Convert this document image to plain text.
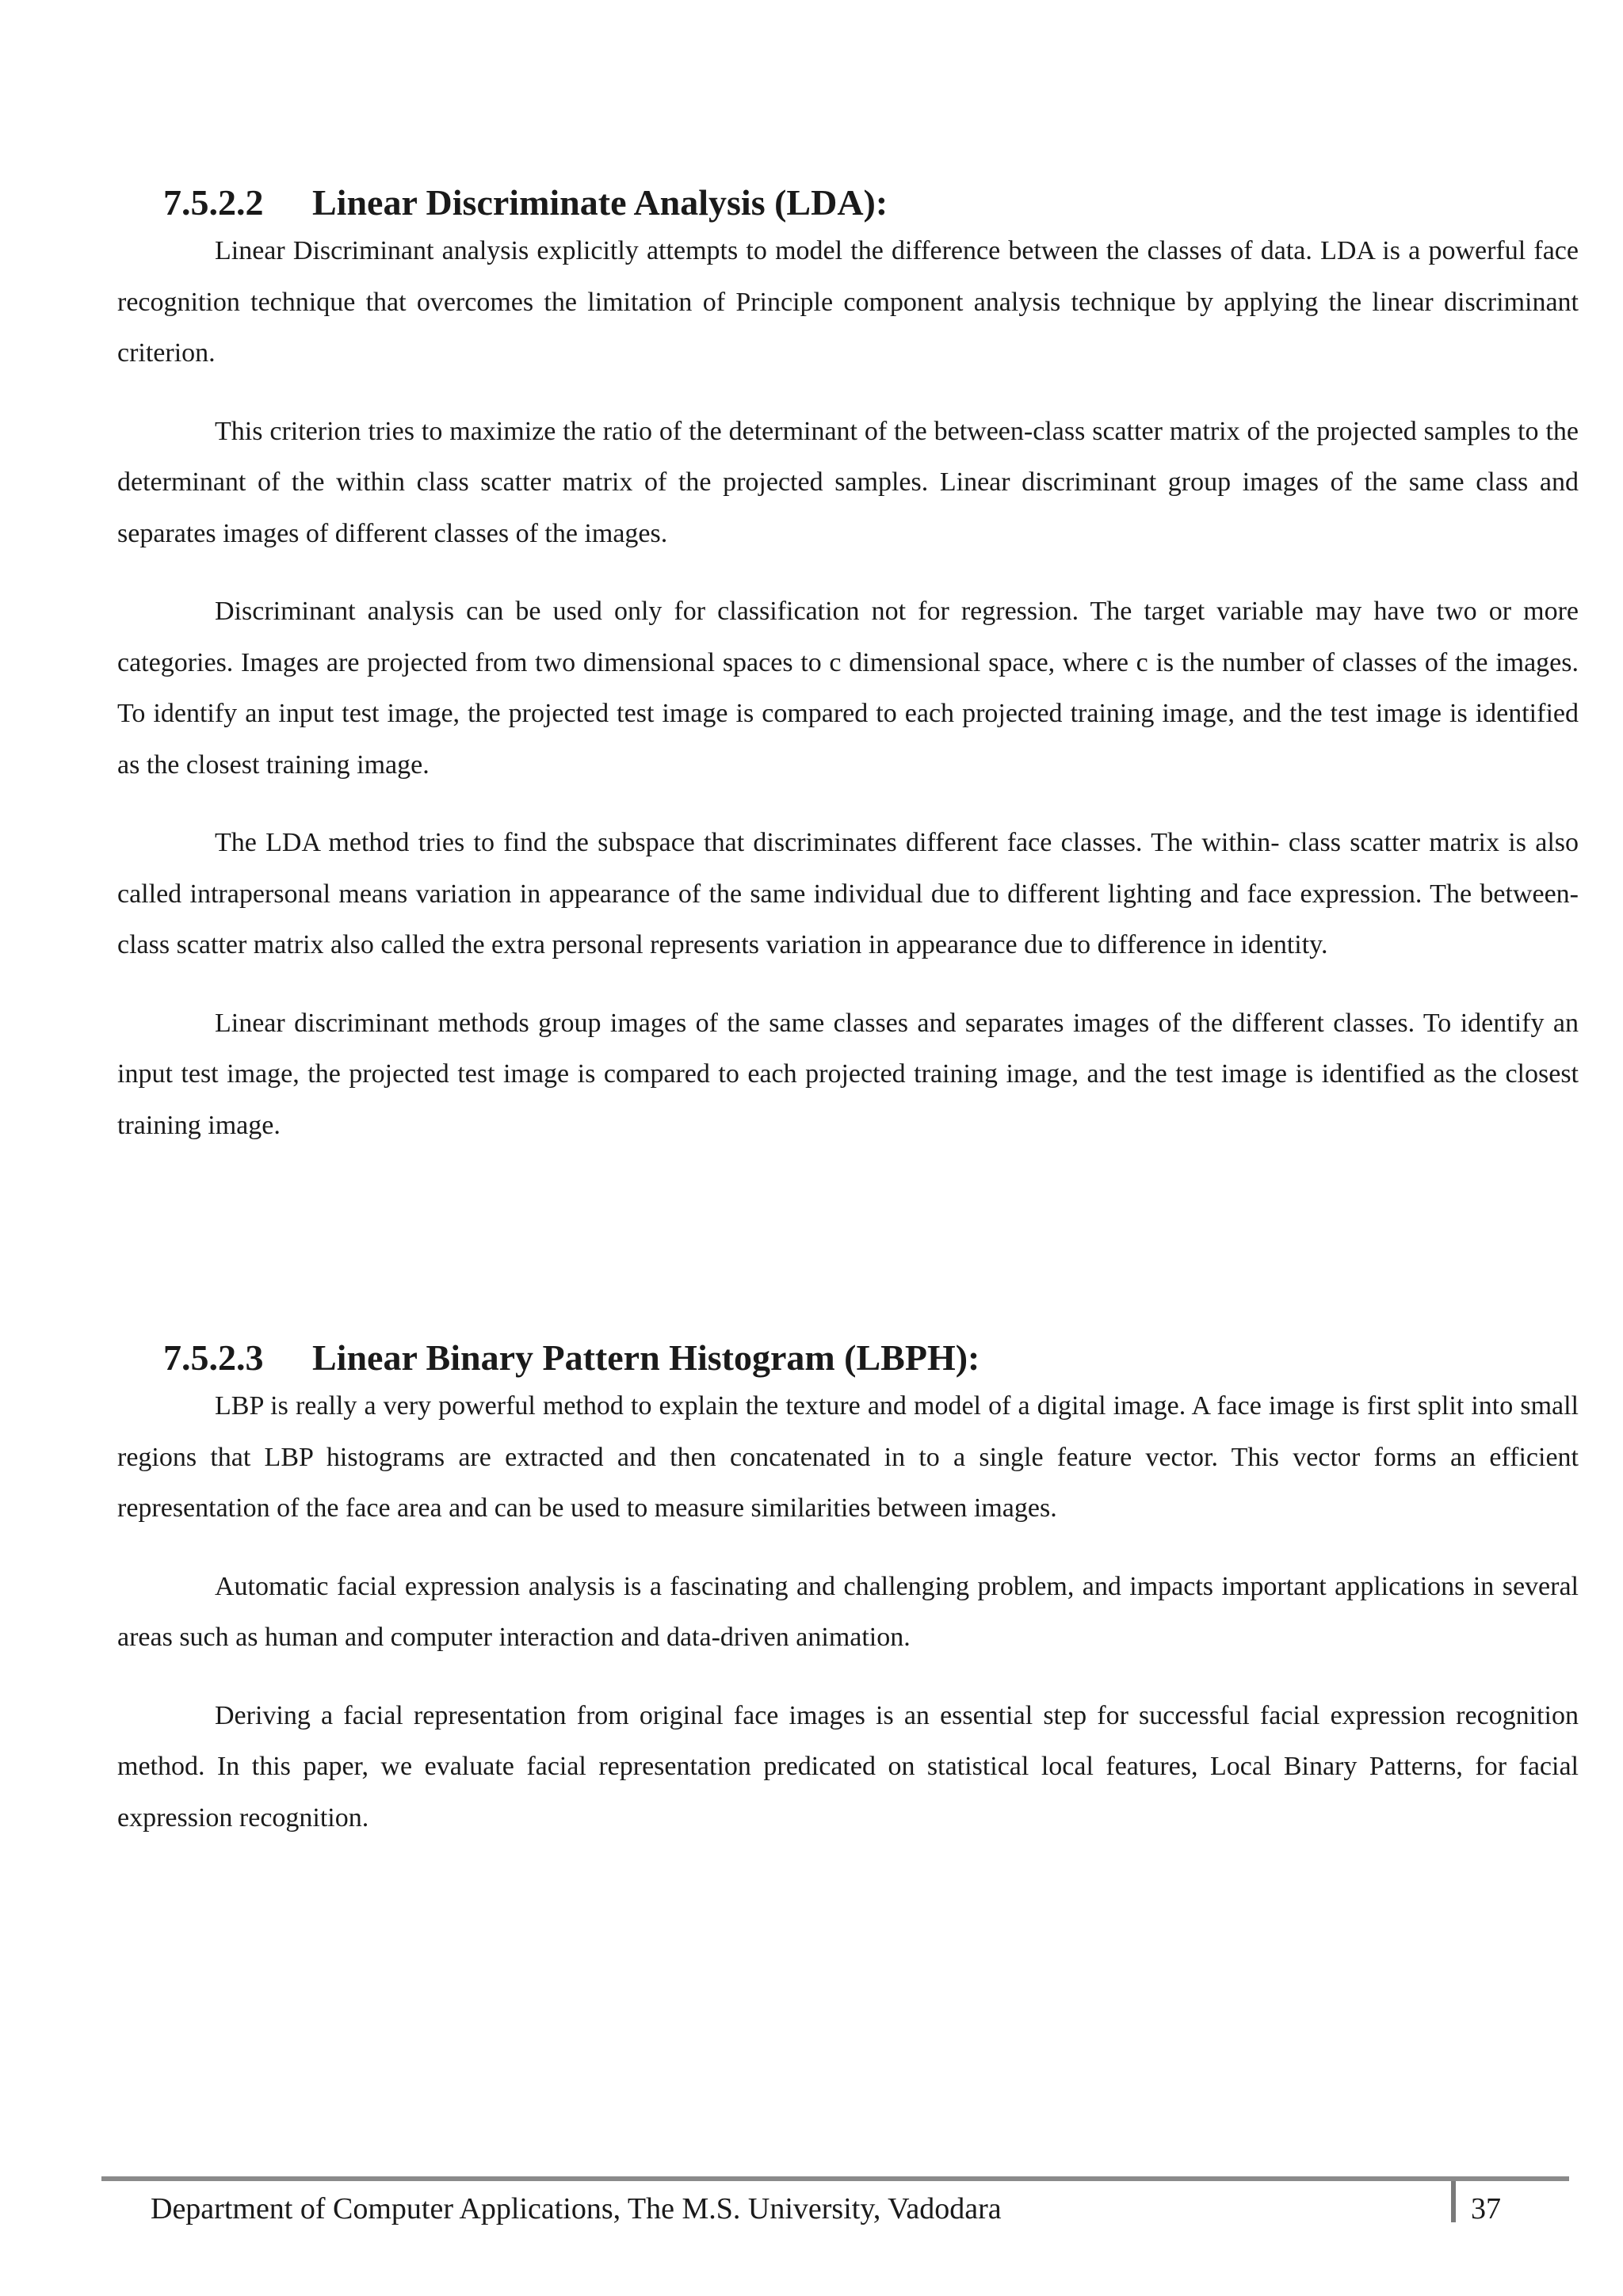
7.5.2.2	Linear Discriminate Analysis (LDA):

Linear Discriminant analysis explicitly attempts to model the difference between the classes of data. LDA is a powerful face recognition technique that overcomes the limitation of Principle component analysis technique by applying the linear discriminant criterion.

This criterion tries to maximize the ratio of the determinant of the between-class scatter matrix of the projected samples to the determinant of the within class scatter matrix of the projected samples. Linear discriminant group images of the same class and separates images of different classes of the images.

Discriminant analysis can be used only for classification not for regression. The target variable may have two or more categories. Images are projected from two dimensional spaces to c dimensional space, where c is the number of classes of the images. To identify an input test image, the projected test image is compared to each projected training image, and the test image is identified as the closest training image.

The LDA method tries to find the subspace that discriminates different face classes. The within- class scatter matrix is also called intrapersonal means variation in appearance of the same individual due to different lighting and face expression. The between-class scatter matrix also called the extra personal represents variation in appearance due to difference in identity.

Linear discriminant methods group images of the same classes and separates images of the different classes. To identify an input test image, the projected test image is compared to each projected training image, and the test image is identified as the closest training image.

7.5.2.3	Linear Binary Pattern Histogram (LBPH):

LBP is really a very powerful method to explain the texture and model of a digital image. A face image is first split into small regions that LBP histograms are extracted and then concatenated in to a single feature vector. This vector forms an efficient representation of the face area and can be used to measure similarities between images.

Automatic facial expression analysis is a fascinating and challenging problem, and impacts important applications in several areas such as human and computer interaction and data-driven animation.

Deriving a facial representation from original face images is an essential step for successful facial expression recognition method. In this paper, we evaluate facial representation predicated on statistical local features, Local Binary Patterns, for facial expression recognition.

Department of Computer Applications, The M.S. University, Vadodara	37
